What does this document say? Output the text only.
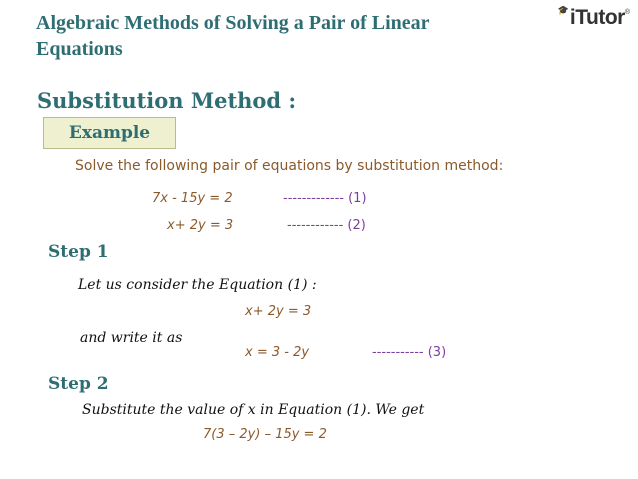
Algebraic Methods of Solving a Pair of Linear
Equations
🎓 iTutor ®
Substitution Method :
Example
Solve the following pair of equations by substitution method:
7x - 15y = 2	------------- (1)
x+ 2y = 3	------------ (2)
Step 1
Let us consider the Equation (1) :
x+ 2y = 3
and write it as
x = 3 - 2y	----------- (3)
Step 2
Substitute the value of x in Equation (1). We get
7(3 – 2y) – 15y = 2
